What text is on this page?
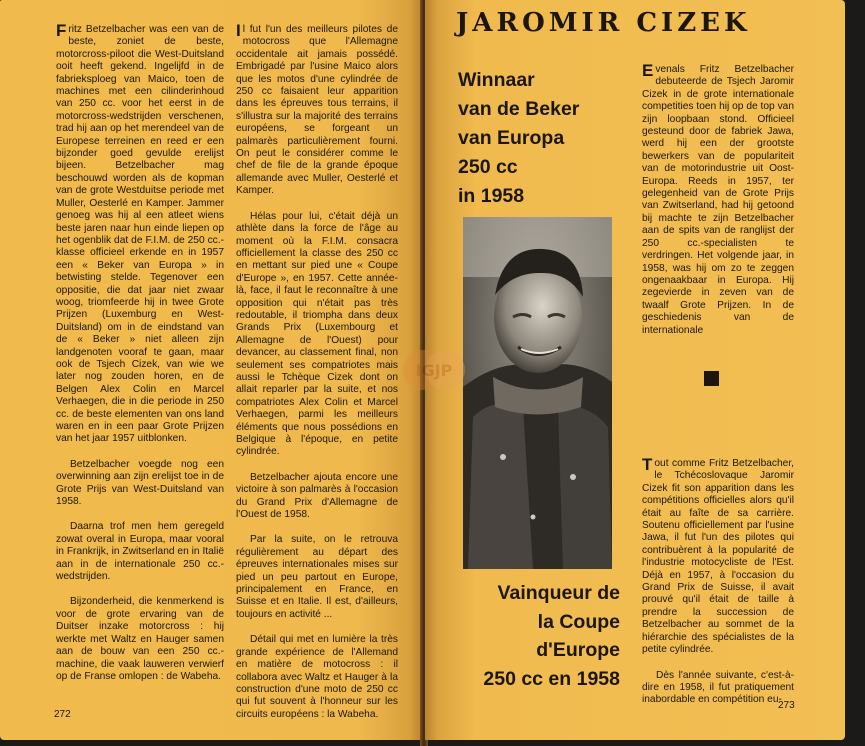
Fritz Betzelbacher was een van de beste, zoniet de beste, motorcross-piloot die West-Duitsland ooit heeft gekend. Ingelijfd in de fabrieksploeg van Maico, toen de machines met een cilinderinhoud van 250 cc. voor het eerst in de motorcross-wedstrijden verschenen, trad hij aan op het merendeel van de Europese terreinen en reed er een bijzonder goed gevulde erelijst bijeen. Betzelbacher mag beschouwd worden als de kopman van de grote Westduitse periode met Muller, Oesterlé en Kamper. Jammer genoeg was hij al een atleet wiens beste jaren naar hun einde liepen op het ogenblik dat de F.I.M. de 250 cc.-klasse officieel erkende en in 1957 een « Beker van Europa » in betwisting stelde. Tegenover een oppositie, die dat jaar niet zwaar woog, triomfeerde hij in twee Grote Prijzen (Luxemburg en West-Duitsland) om in de eindstand van de « Beker » niet alleen zijn landgenoten vooraf te gaan, maar ook de Tsjech Cizek, van wie we later nog zouden horen, en de Belgen Alex Colin en Marcel Verhaegen, die in die periode in 250 cc. de beste elementen van ons land waren en in een paar Grote Prijzen van het jaar 1957 uitblonken.

Betzelbacher voegde nog een overwinning aan zijn erelijst toe in de Grote Prijs van West-Duitsland van 1958.

Daarna trof men hem geregeld zowat overal in Europa, maar vooral in Frankrijk, in Zwitserland en in Italië aan in de internationale 250 cc.-wedstrijden.

Bijzonderheid, die kenmerkend is voor de grote ervaring van de Duitser inzake motorcross : hij werkte met Waltz en Hauger samen aan de bouw van een 250 cc.-machine, die vaak lauweren verwierf op de Franse omlopen : de Wabeha.

Il fut l'un des meilleurs pilotes de motocross que l'Allemagne occidentale ait jamais possédé. Embrigadé par l'usine Maico alors que les motos d'une cylindrée de 250 cc faisaient leur apparition dans les épreuves tous terrains, il s'illustra sur la majorité des terrains européens, se forgeant un palmarès particulièrement fourni. On peut le considérer comme le chef de file de la grande époque allemande avec Muller, Oesterlé et Kamper.

Hélas pour lui, c'était déjà un athlète dans la force de l'âge au moment où la F.I.M. consacra officiellement la classe des 250 cc en mettant sur pied une « Coupe d'Europe », en 1957. Cette année-là, face, il faut le reconnaître à une opposition qui n'était pas très redoutable, il triompha dans deux Grands Prix (Luxembourg et Allemagne de l'Ouest) pour devancer, au classement final, non seulement ses compatriotes mais aussi le Tchèque Cizek dont on allait reparler par la suite, et nos compatriotes Alex Colin et Marcel Verhaegen, parmi les meilleurs éléments que nous possédions en Belgique à l'époque, en petite cylindrée.

Betzelbacher ajouta encore une victoire à son palmarès à l'occasion du Grand Prix d'Allemagne de l'Ouest de 1958.

Par la suite, on le retrouva régulièrement au départ des épreuves internationales mises sur pied un peu partout en Europe, principalement en France, en Suisse et en Italie. Il est, d'ailleurs, toujours en activité ...

Détail qui met en lumière la très grande expérience de l'Allemand en matière de motocross : il collabora avec Waltz et Hauger à la construction d'une moto de 250 cc qui fut souvent à l'honneur sur les circuits européens : la Wabeha.

272
JAROMIR CIZEK
Winnaar
van de Beker
van Europa
250 cc
in 1958

Evenals Fritz Betzelbacher debuteerde de Tsjech Jaromir Cizek in de grote internationale competities toen hij op de top van zijn loopbaan stond. Officieel gesteund door de fabriek Jawa, werd hij een der grootste bewerkers van de populariteit van de motorindustrie uit Oost-Europa. Reeds in 1957, ter gelegenheid van de Grote Prijs van Zwitserland, had hij getoond bij machte te zijn Betzelbacher aan de spits van de ranglijst der 250 cc.-specialisten te verdringen. Het volgende jaar, in 1958, was hij om zo te zeggen ongenaakbaar in Europa. Hij zegevierde in zeven van de twaalf Grote Prijzen. In de geschiedenis van de internationale

Tout comme Fritz Betzelbacher, le Tchécoslovaque Jaromir Cizek fit son apparition dans les compétitions officielles alors qu'il était au faîte de sa carrière. Soutenu officiellement par l'usine Jawa, il fut l'un des pilotes qui contribuèrent à la popularité de l'industrie motocycliste de l'Est. Déjà en 1957, à l'occasion du Grand Prix de Suisse, il avait prouvé qu'il était de taille à prendre la succession de Betzelbacher au sommet de la hiérarchie des spécialistes de la petite cylindrée.

Dès l'année suivante, c'est-à-dire en 1958, il fut pratiquement inabordable en compétition eu-

Vainqueur de
la Coupe
d'Europe
250 cc en 1958
273
IGJP
